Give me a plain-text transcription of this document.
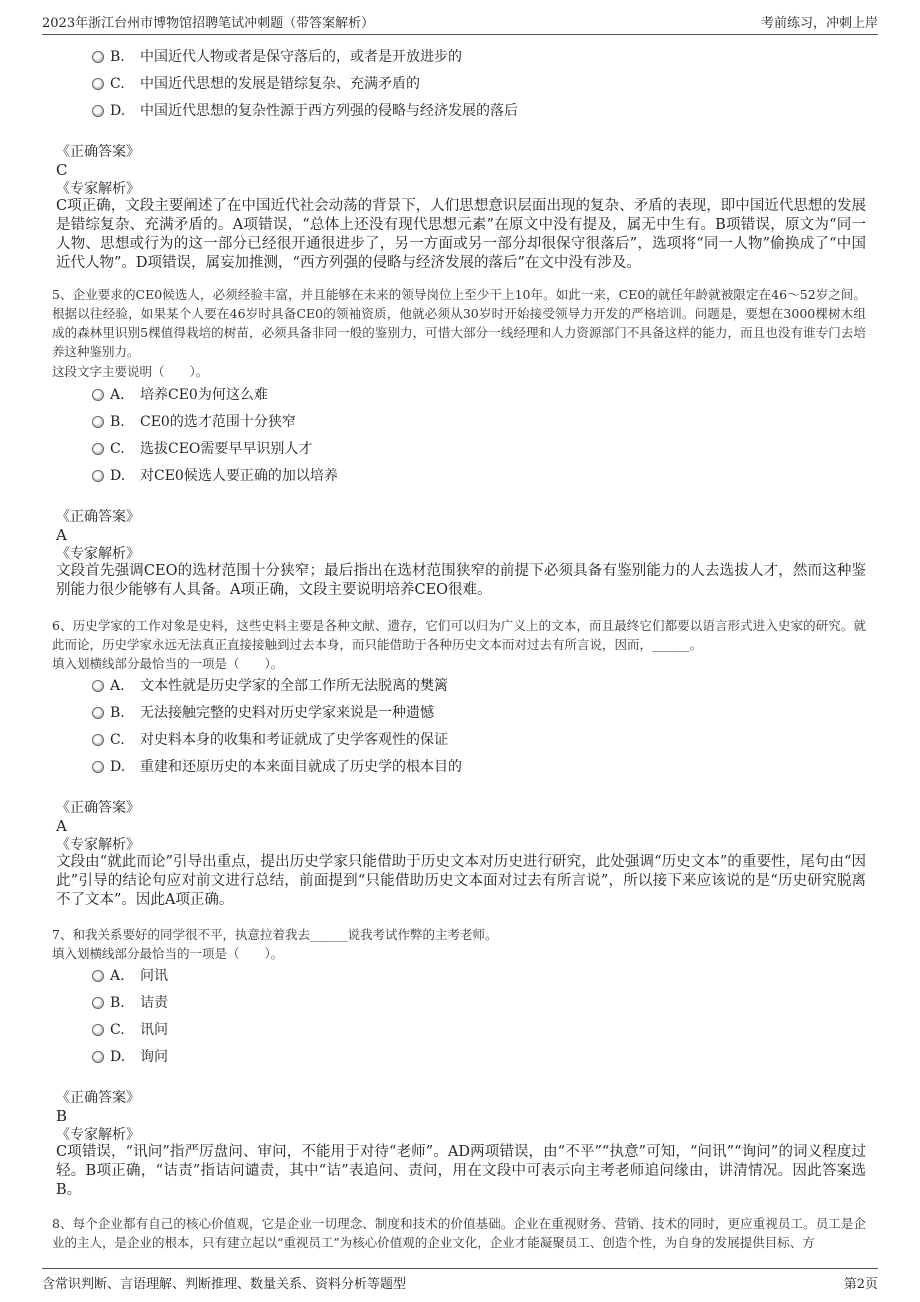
2023年浙江台州市博物馆招聘笔试冲刺题（带答案解析）	考前练习，冲刺上岸
B. 中国近代人物或者是保守落后的，或者是开放进步的
C. 中国近代思想的发展是错综复杂、充满矛盾的
D. 中国近代思想的复杂性源于西方列强的侵略与经济发展的落后
《正确答案》
C
《专家解析》
C项正确，文段主要阐述了在中国近代社会动荡的背景下，人们思想意识层面出现的复杂、矛盾的表现，即中国近代思想的发展是错综复杂、充满矛盾的。A项错误，“总体上还没有现代思想元素”在原文中没有提及，属无中生有。B项错误，原文为“同一人物、思想或行为的这一部分已经很开通很进步了，另一方面或另一部分却很保守很落后”，选项将“同一人物”偷换成了“中国近代人物”。D项错误，属妄加推测，“西方列强的侵略与经济发展的落后”在文中没有涉及。
5、企业要求的CE0候选人，必须经验丰富，并且能够在未来的领导岗位上至少干上10年。如此一来，CE0的就任年龄就被限定在46～52岁之间。根据以往经验，如果某个人要在46岁时具备CE0的领袖资质，他就必须从30岁时开始接受领导力开发的严格培训。问题是，要想在3000棵树木组成的森林里识别5棵值得栽培的树苗，必须具备非同一般的鉴别力，可惜大部分一线经理和人力资源部门不具备这样的能力，而且也没有谁专门去培养这种鉴别力。
这段文字主要说明（　　）。
A. 培养CE0为何这么难
B. CE0的选才范围十分狭窄
C. 选拔CEO需要早早识别人才
D. 对CE0候选人要正确的加以培养
《正确答案》
A
《专家解析》
文段首先强调CEO的选材范围十分狭窄；最后指出在选材范围狭窄的前提下必须具备有鉴别能力的人去选拔人才，然而这种鉴别能力很少能够有人具备。A项正确，文段主要说明培养CEO很难。
6、历史学家的工作对象是史料，这些史料主要是各种文献、遗存，它们可以归为广义上的文本，而且最终它们都要以语言形式进入史家的研究。就此而论，历史学家永远无法真正直接接触到过去本身，而只能借助于各种历史文本而对过去有所言说，因而，______。
填入划横线部分最恰当的一项是（　　）。
A. 文本性就是历史学家的全部工作所无法脱离的樊篱
B. 无法接触完整的史料对历史学家来说是一种遗憾
C. 对史料本身的收集和考证就成了史学客观性的保证
D. 重建和还原历史的本来面目就成了历史学的根本目的
《正确答案》
A
《专家解析》
文段由“就此而论”引导出重点，提出历史学家只能借助于历史文本对历史进行研究，此处强调“历史文本”的重要性，尾句由“因此”引导的结论句应对前文进行总结，前面提到“只能借助历史文本面对过去有所言说”，所以接下来应该说的是“历史研究脱离不了文本”。因此A项正确。
7、和我关系要好的同学很不平，执意拉着我去______说我考试作弊的主考老师。
填入划横线部分最恰当的一项是（　　）。
A. 问讯
B. 诘责
C. 讯问
D. 询问
《正确答案》
B
《专家解析》
C项错误，“讯问”指严厉盘问、审问，不能用于对待“老师”。AD两项错误，由“不平”“执意”可知，“问讯”“询问”的词义程度过轻。B项正确，“诘责”指诘问谴责，其中“诘”表追问、责问，用在文段中可表示向主考老师追问缘由，讲清情况。因此答案选B。
8、每个企业都有自己的核心价值观，它是企业一切理念、制度和技术的价值基础。企业在重视财务、营销、技术的同时，更应重视员工。员工是企业的主人，是企业的根本，只有建立起以“重视员工”为核心价值观的企业文化，企业才能凝聚员工、创造个性，为自身的发展提供目标、方
含常识判断、言语理解、判断推理、数量关系、资料分析等题型	第2页
